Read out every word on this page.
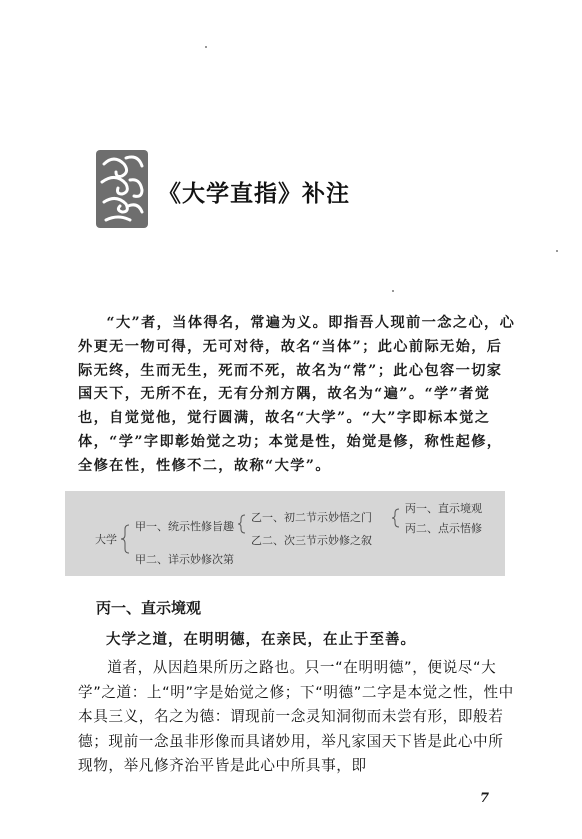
《大学直指》补注

“大”者，当体得名，常遍为义。即指吾人现前一念之心，心外更无一物可得，无可对待，故名“当体”；此心前际无始，后际无终，生而无生，死而不死，故名为“常”；此心包容一切家国天下，无所不在，无有分剂方隅，故名为“遍”。“学”者觉也，自觉觉他，觉行圆满，故名“大学”。“大”字即标本觉之体，“学”字即彰始觉之功；本觉是性，始觉是修，称性起修，全修在性，性修不二，故称“大学”。

大学
甲一、统示性修旨趣
甲二、详示妙修次第
乙一、初二节示妙悟之门
乙二、次三节示妙修之叙
丙一、直示境观
丙二、点示悟修
丙一、直示境观
大学之道，在明明德，在亲民，在止于至善。

道者，从因趋果所历之路也。只一“在明明德”，便说尽“大学”之道：上“明”字是始觉之修；下“明德”二字是本觉之性，性中本具三义，名之为德：谓现前一念灵知洞彻而未尝有形，即般若德；现前一念虽非形像而具诸妙用，举凡家国天下皆是此心中所现物，举凡修齐治平皆是此心中所具事，即

7
